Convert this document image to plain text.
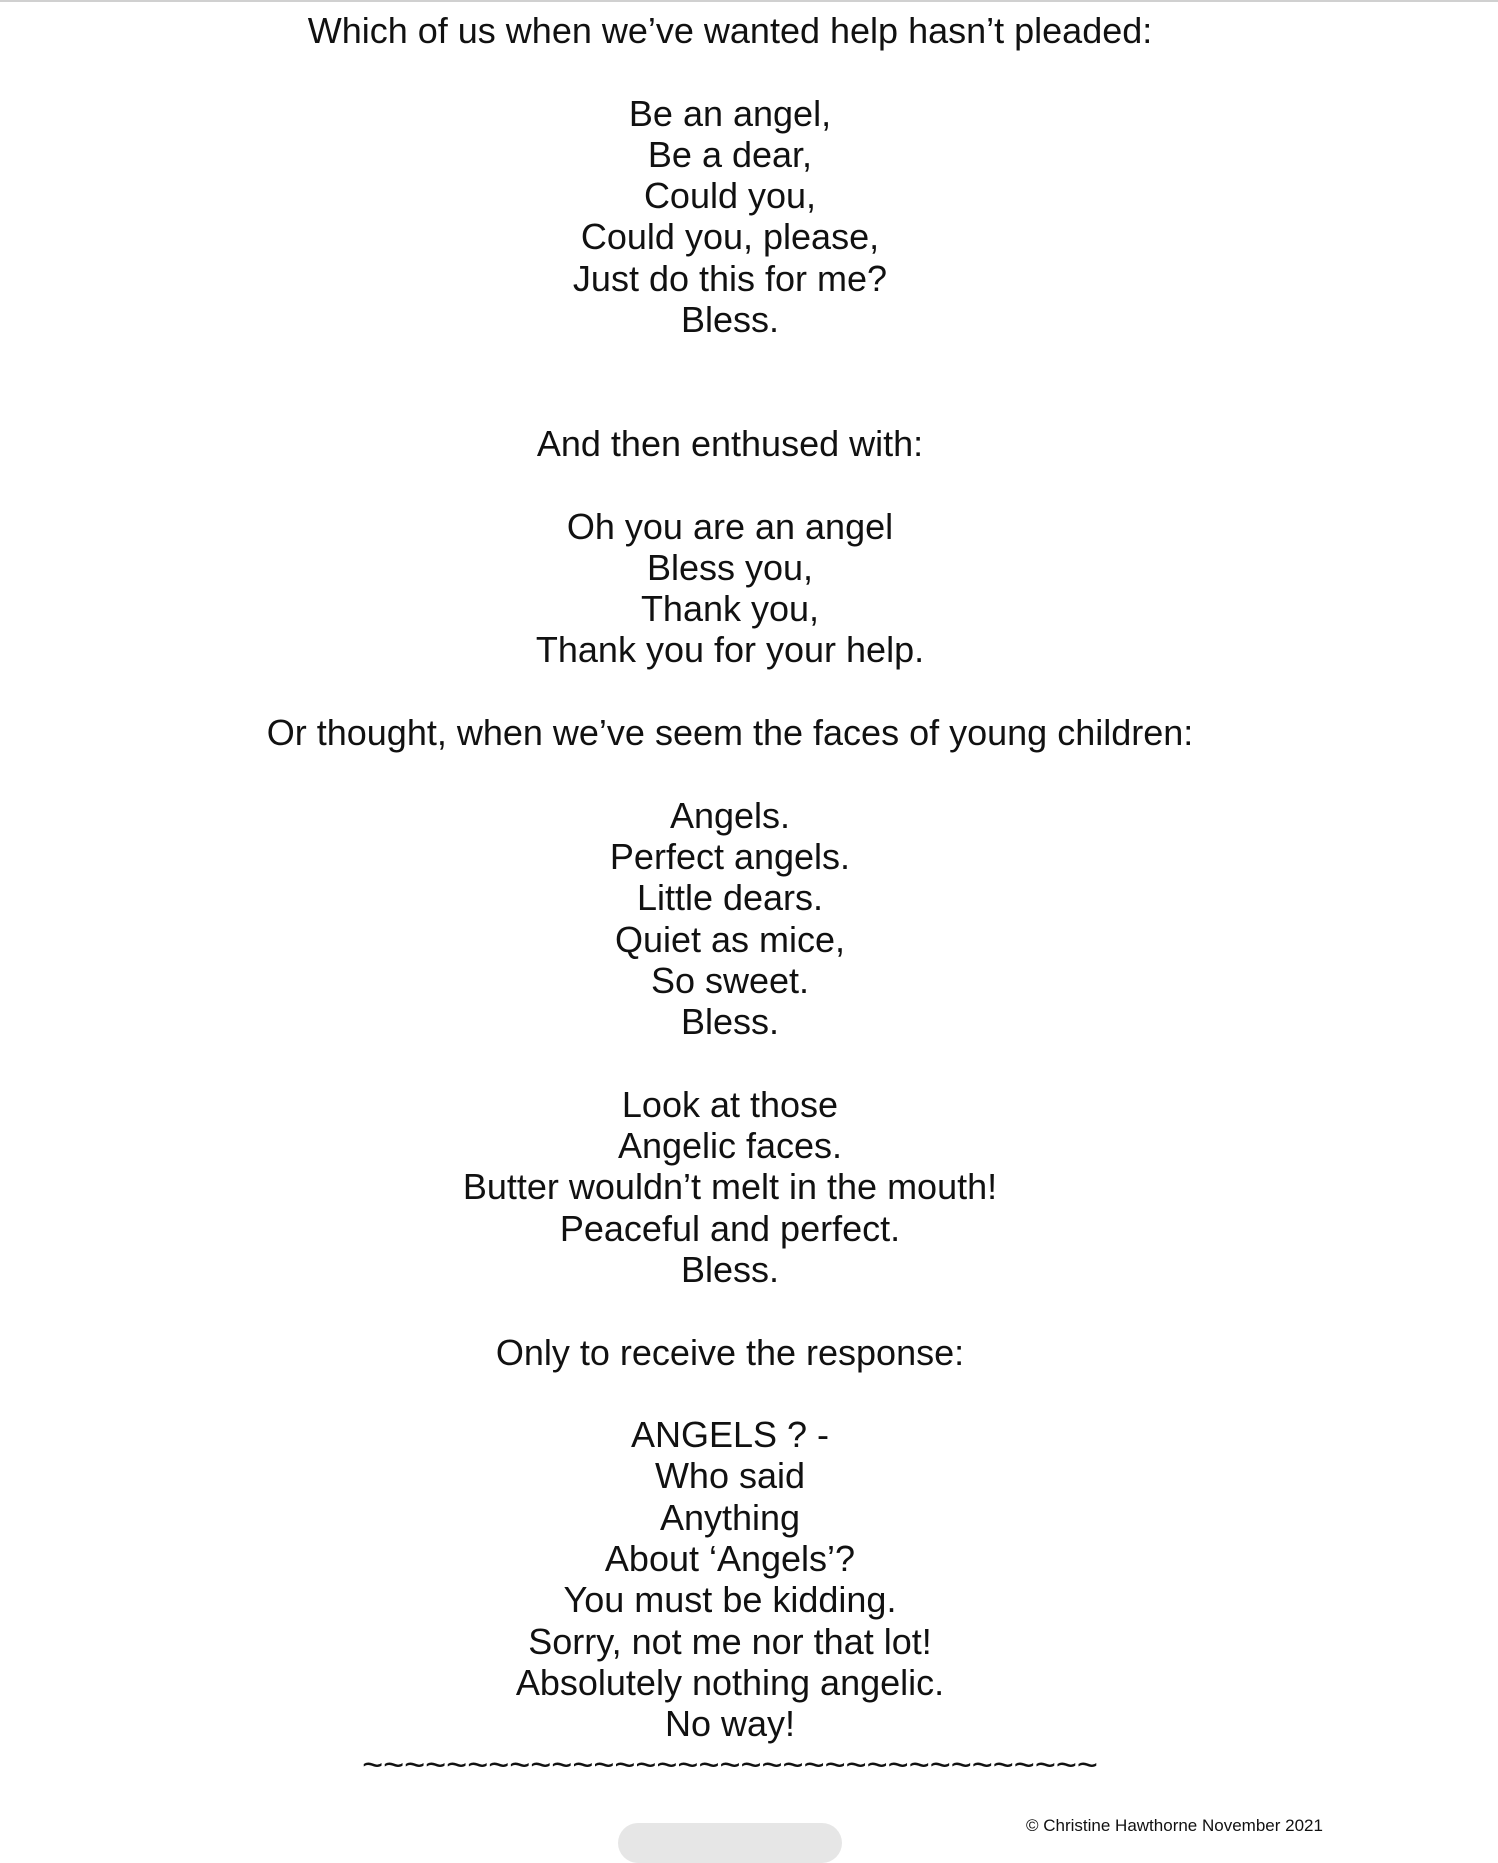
Which of us when we’ve wanted help hasn’t pleaded:
Be an angel,
Be a dear,
Could you,
Could you, please,
Just do this for me?
Bless.
And then enthused with:
Oh you are an angel
Bless you,
Thank you,
Thank you for your help.
Or thought, when we’ve seem the faces of young children:
Angels.
Perfect angels.
Little dears.
Quiet as mice,
So sweet.
Bless.
Look at those
Angelic faces.
Butter wouldn’t melt in the mouth!
Peaceful and perfect.
Bless.
Only to receive the response:
ANGELS ? -
Who said
Anything
About ‘Angels’?
You must be kidding.
Sorry, not me nor that lot!
Absolutely nothing angelic.
No way!
~~~~~~~~~~~~~~~~~~~~~~~~~~~~~~~~~~~
© Christine Hawthorne November 2021
